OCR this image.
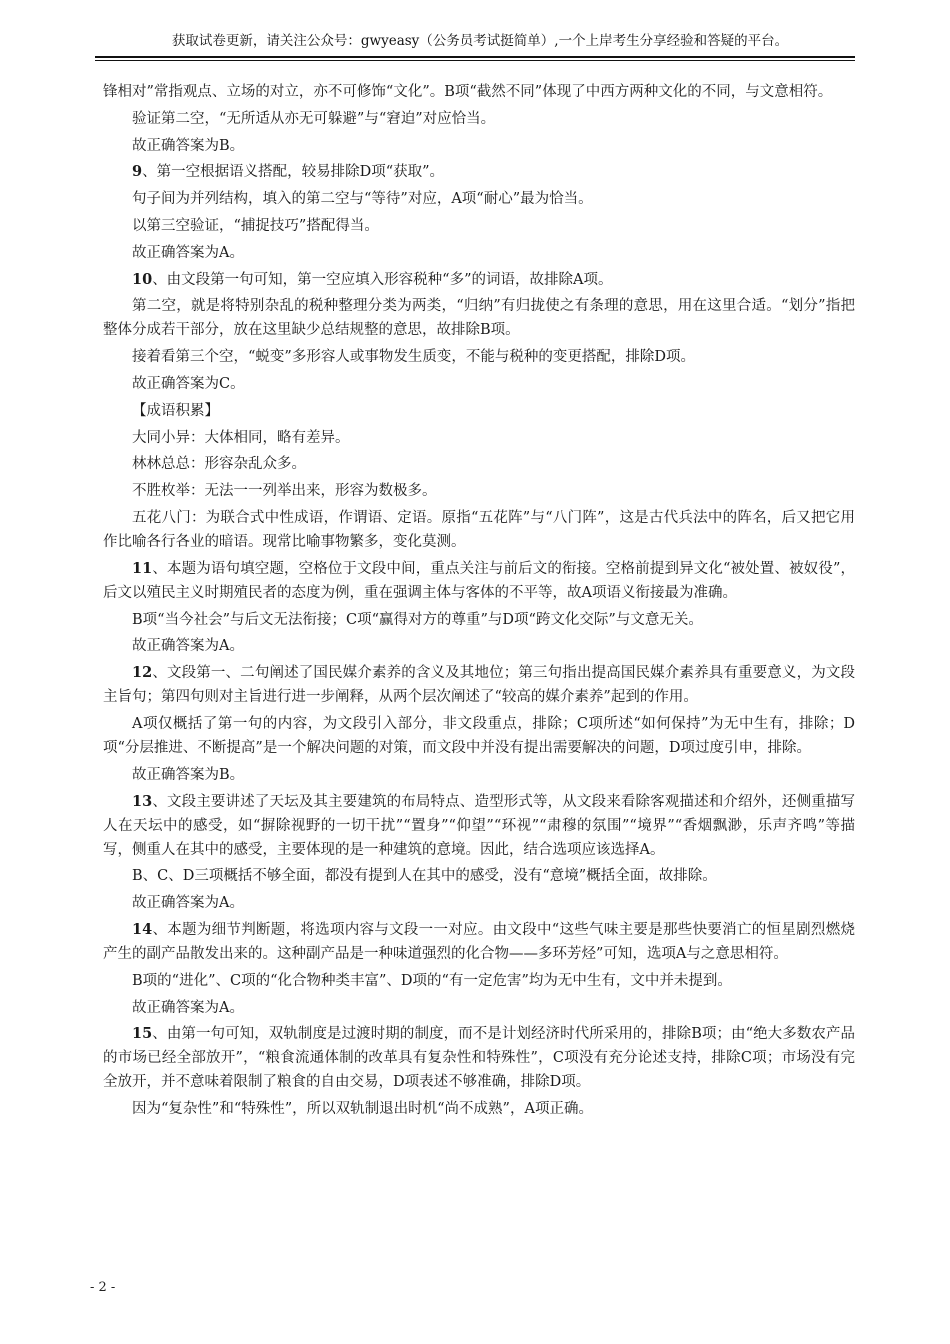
获取试卷更新，请关注公众号：gwyeasy（公务员考试挺简单）,一个上岸考生分享经验和答疑的平台。

锋相对”常指观点、立场的对立，亦不可修饰“文化”。B项“截然不同”体现了中西方两种文化的不同，与文意相符。

验证第二空，“无所适从亦无可躲避”与“窘迫”对应恰当。

故正确答案为B。

9、第一空根据语义搭配，较易排除D项“获取”。

句子间为并列结构，填入的第二空与“等待”对应，A项“耐心”最为恰当。

以第三空验证，“捕捉技巧”搭配得当。

故正确答案为A。

10、由文段第一句可知，第一空应填入形容税种“多”的词语，故排除A项。

第二空，就是将特别杂乱的税种整理分类为两类，“归纳”有归拢使之有条理的意思，用在这里合适。“划分”指把整体分成若干部分，放在这里缺少总结规整的意思，故排除B项。

接着看第三个空，“蜕变”多形容人或事物发生质变，不能与税种的变更搭配，排除D项。

故正确答案为C。

【成语积累】

大同小异：大体相同，略有差异。

林林总总：形容杂乱众多。

不胜枚举：无法一一列举出来，形容为数极多。

五花八门：为联合式中性成语，作谓语、定语。原指“五花阵”与“八门阵”，这是古代兵法中的阵名，后又把它用作比喻各行各业的暗语。现常比喻事物繁多，变化莫测。

11、本题为语句填空题，空格位于文段中间，重点关注与前后文的衔接。空格前提到异文化“被处置、被奴役”，后文以殖民主义时期殖民者的态度为例，重在强调主体与客体的不平等，故A项语义衔接最为准确。

B项“当今社会”与后文无法衔接；C项“赢得对方的尊重”与D项“跨文化交际”与文意无关。

故正确答案为A。

12、文段第一、二句阐述了国民媒介素养的含义及其地位；第三句指出提高国民媒介素养具有重要意义，为文段主旨句；第四句则对主旨进行进一步阐释，从两个层次阐述了“较高的媒介素养”起到的作用。

A项仅概括了第一句的内容，为文段引入部分，非文段重点，排除；C项所述“如何保持”为无中生有，排除；D项“分层推进、不断提高”是一个解决问题的对策，而文段中并没有提出需要解决的问题，D项过度引申，排除。

故正确答案为B。

13、文段主要讲述了天坛及其主要建筑的布局特点、造型形式等，从文段来看除客观描述和介绍外，还侧重描写人在天坛中的感受，如“摒除视野的一切干扰”“置身”“仰望”“环视”“肃穆的氛围”“境界”“香烟飘渺，乐声齐鸣”等描写，侧重人在其中的感受，主要体现的是一种建筑的意境。因此，结合选项应该选择A。

B、C、D三项概括不够全面，都没有提到人在其中的感受，没有“意境”概括全面，故排除。

故正确答案为A。

14、本题为细节判断题，将选项内容与文段一一对应。由文段中“这些气味主要是那些快要消亡的恒星剧烈燃烧产生的副产品散发出来的。这种副产品是一种味道强烈的化合物——多环芳烃”可知，选项A与之意思相符。

B项的“进化”、C项的“化合物种类丰富”、D项的“有一定危害”均为无中生有，文中并未提到。

故正确答案为A。

15、由第一句可知，双轨制度是过渡时期的制度，而不是计划经济时代所采用的，排除B项；由“绝大多数农产品的市场已经全部放开”，“粮食流通体制的改革具有复杂性和特殊性”，C项没有充分论述支持，排除C项；市场没有完全放开，并不意味着限制了粮食的自由交易，D项表述不够准确，排除D项。

因为“复杂性”和“特殊性”，所以双轨制退出时机“尚不成熟”，A项正确。

- 2 -
